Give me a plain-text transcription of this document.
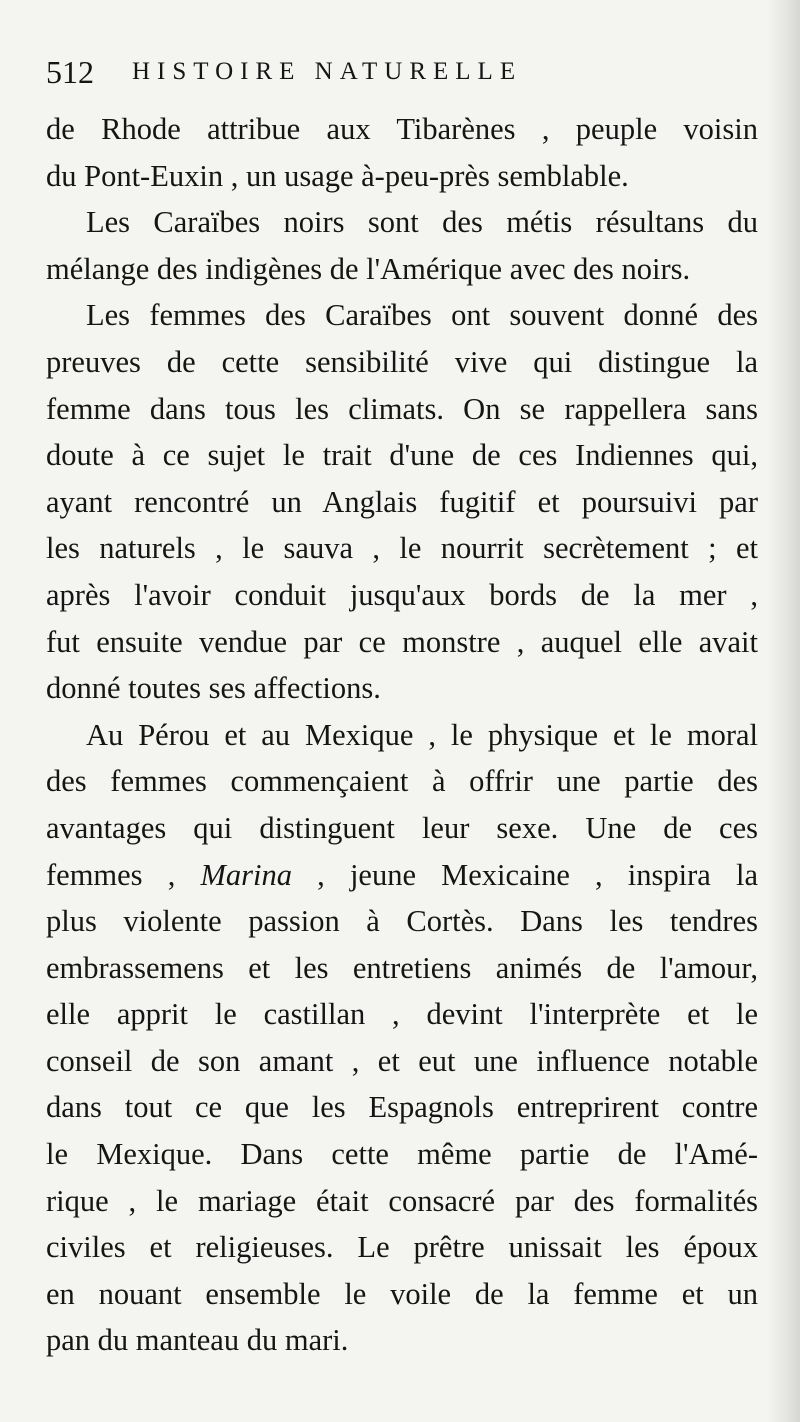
512 HISTOIRE NATURELLE
de Rhode attribue aux Tibarènes , peuple voisin
du Pont-Euxin , un usage à-peu-près semblable.
Les Caraïbes noirs sont des métis résultans du
mélange des indigènes de l'Amérique avec des noirs.
Les femmes des Caraïbes ont souvent donné des
preuves de cette sensibilité vive qui distingue la
femme dans tous les climats. On se rappellera sans
doute à ce sujet le trait d'une de ces Indiennes qui,
ayant rencontré un Anglais fugitif et poursuivi par
les naturels , le sauva , le nourrit secrètement ; et
après l'avoir conduit jusqu'aux bords de la mer ,
fut ensuite vendue par ce monstre , auquel elle avait
donné toutes ses affections.
Au Pérou et au Mexique , le physique et le moral
des femmes commençaient à offrir une partie des
avantages qui distinguent leur sexe. Une de ces
femmes , Marina , jeune Mexicaine , inspira la
plus violente passion à Cortès. Dans les tendres
embrassemens et les entretiens animés de l'amour,
elle apprit le castillan , devint l'interprète et le
conseil de son amant , et eut une influence notable
dans tout ce que les Espagnols entreprirent contre
le Mexique. Dans cette même partie de l'Amé-
rique , le mariage était consacré par des formalités
civiles et religieuses. Le prêtre unissait les époux
en nouant ensemble le voile de la femme et un
pan du manteau du mari.
